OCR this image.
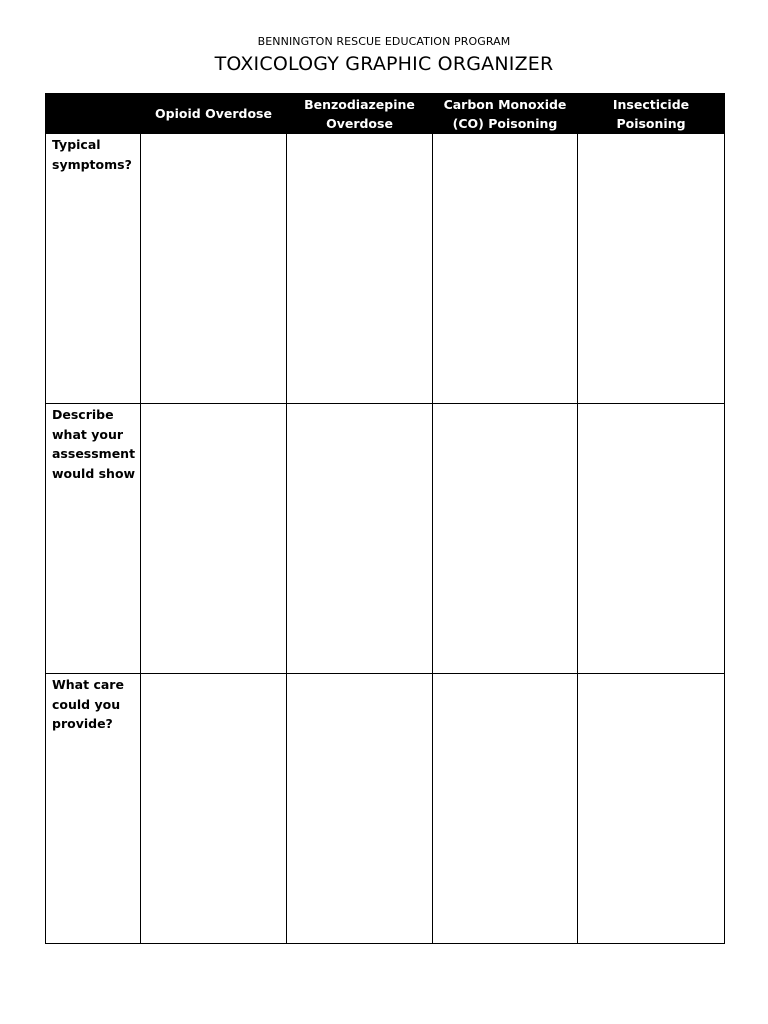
BENNINGTON RESCUE EDUCATION PROGRAM
TOXICOLOGY GRAPHIC ORGANIZER
	Opioid Overdose	Benzodiazepine Overdose	Carbon Monoxide (CO) Poisoning	Insecticide Poisoning
Typical symptoms?				
Describe what your assessment would show				
What care could you provide?				
